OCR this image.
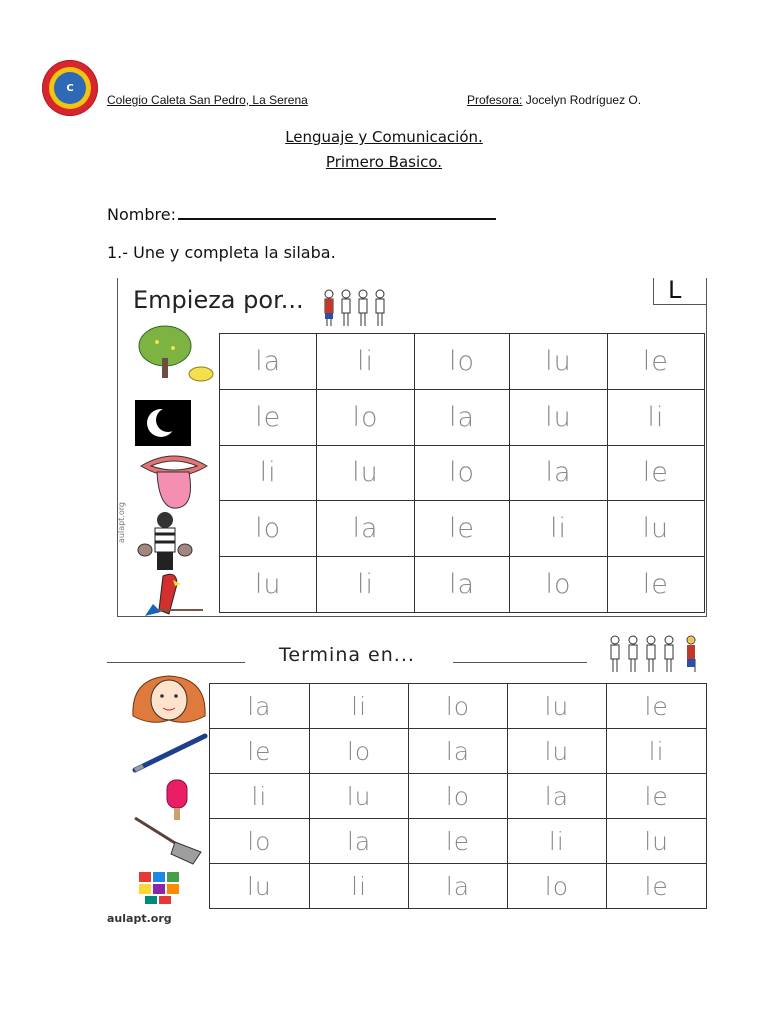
C
Colegio Caleta San Pedro, La Serena	Profesora: Jocelyn Rodríguez O.
Lenguaje y Comunicación.
Primero Basico.
Nombre:
1.- Une y completa la silaba.
Empieza por...	L
la	li	lo	lu	le
le	lo	la	lu	li
li	lu	lo	la	le
lo	la	le	li	lu
lu	li	la	lo	le
aulapt.org
Termina en...
la	li	lo	lu	le
le	lo	la	lu	li
li	lu	lo	la	le
lo	la	le	li	lu
lu	li	la	lo	le
aulapt.org
